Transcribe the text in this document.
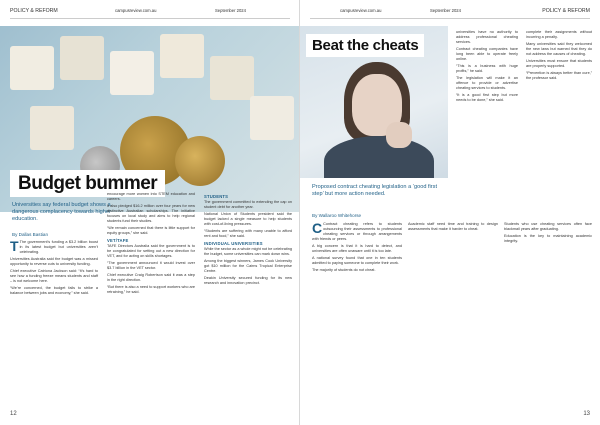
POLICY & REFORM	campusreview.com.au	September 2024
Budget bummer
Universities say federal budget shows a dangerous complacency towards higher education.
By Dallas Bastian

T The government’s funding a $3.2 billion boost in its latest budget but universities aren’t celebrating.

Universities Australia said the budget was a missed opportunity to reverse cuts to university funding.

Chief executive Catriona Jackson said: “It’s hard to see how a funding freeze means students and staff – is not welcome here.

“We’re concerned, the budget fails to strike a balance between jobs and economy,” she said.

encourage more women into STEM education and careers.

It also pledged $16.2 million over four years for new distinctive Australian scholarships. The initiative focuses on local study and aims to help regional students fund their studies.

“We remain concerned that there is little support for equity groups,” she said.

VET/TAFE

TAFE Directors Australia said the government is to be congratulated for setting out a new direction for VET, and for acting on skills shortages.

“The government announced it would invest over $3.7 billion in the VET sector.

Chief executive Craig Robertson said it was a step in the right direction.

“But there is also a need to support workers who are retraining,” he said.

STUDENTS

The government committed to extending the cap on student debt for another year.

National Union of Students president said the budget lacked a single measure to help students with cost-of-living pressures.

“Students are suffering with many unable to afford rent and food,” she said.

INDIVIDUAL UNIVERSITIES

While the sector as a whole might not be celebrating the budget, some universities can mark down wins.

Among the biggest winners, James Cook University got $10 million for the Cairns Tropical Enterprise Centre.

Deakin University secured funding for its new research and innovation precinct.

12
campusreview.com.au	September 2024	POLICY & REFORM
Beat the cheats
Proposed contract cheating legislation a ‘good first step’ but more action needed.
By Wallaroo Whitehorse

C Contract cheating refers to students outsourcing their assessments to professional cheating services or through arrangements with friends or peers.

A big concern is that it is hard to detect, and universities are often unaware until it is too late.

A national survey found that one in ten students admitted to paying someone to complete their work.

The majority of students do not cheat.

universities have no authority to address professional cheating services.

Contract cheating companies have long been able to operate freely online.

“This is a business with huge profits,” he said.

The legislation will make it an offence to provide or advertise cheating services to students.

“It is a good first step but more needs to be done,” she said.

complete their assignments without incurring a penalty.

Many universities said they welcomed the new laws but warned that they do not address the causes of cheating.

Universities must ensure that students are properly supported.

“Prevention is always better than cure,” the professor said.

Academic staff need time and training to design assessments that make it harder to cheat.

Students who use cheating services often face blackmail years after graduating.

Education is the key to maintaining academic integrity.

13
